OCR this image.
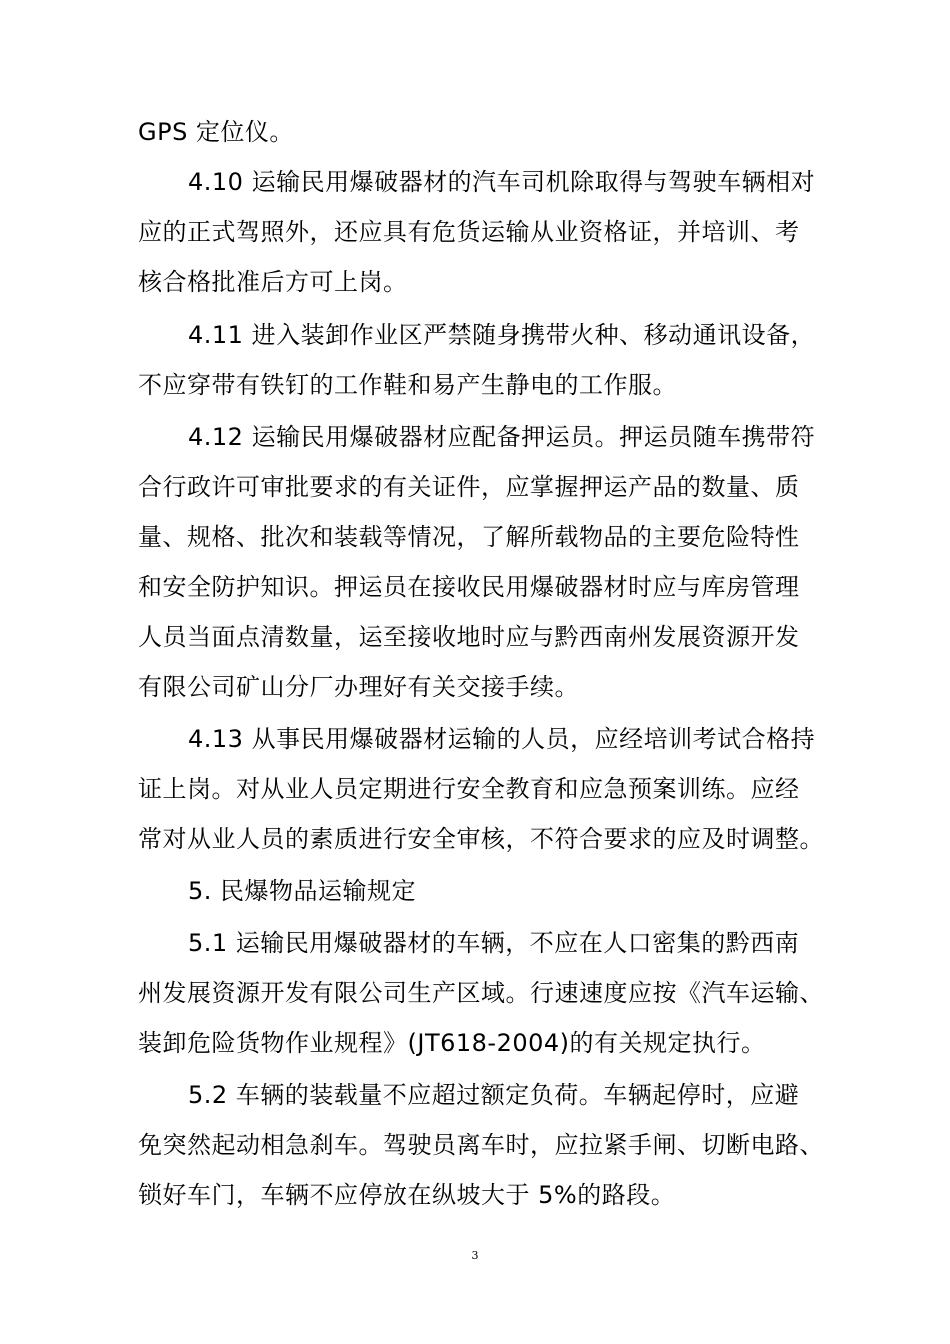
GPS 定位仪。
4.10 运输民用爆破器材的汽车司机除取得与驾驶车辆相对
应的正式驾照外，还应具有危货运输从业资格证，并培训、考
核合格批准后方可上岗。
4.11 进入装卸作业区严禁随身携带火种、移动通讯设备，
不应穿带有铁钉的工作鞋和易产生静电的工作服。
4.12 运输民用爆破器材应配备押运员。押运员随车携带符
合行政许可审批要求的有关证件，应掌握押运产品的数量、质
量、规格、批次和装载等情况，了解所载物品的主要危险特性
和安全防护知识。押运员在接收民用爆破器材时应与库房管理
人员当面点清数量，运至接收地时应与黔西南州发展资源开发
有限公司矿山分厂办理好有关交接手续。
4.13 从事民用爆破器材运输的人员，应经培训考试合格持
证上岗。对从业人员定期进行安全教育和应急预案训练。应经
常对从业人员的素质进行安全审核，不符合要求的应及时调整。
5. 民爆物品运输规定
5.1 运输民用爆破器材的车辆，不应在人口密集的黔西南
州发展资源开发有限公司生产区域。行速速度应按《汽车运输、
装卸危险货物作业规程》(JT618-2004)的有关规定执行。
5.2 车辆的装载量不应超过额定负荷。车辆起停时，应避
免突然起动相急刹车。驾驶员离车时，应拉紧手闸、切断电路、
锁好车门，车辆不应停放在纵坡大于 5%的路段。
3
